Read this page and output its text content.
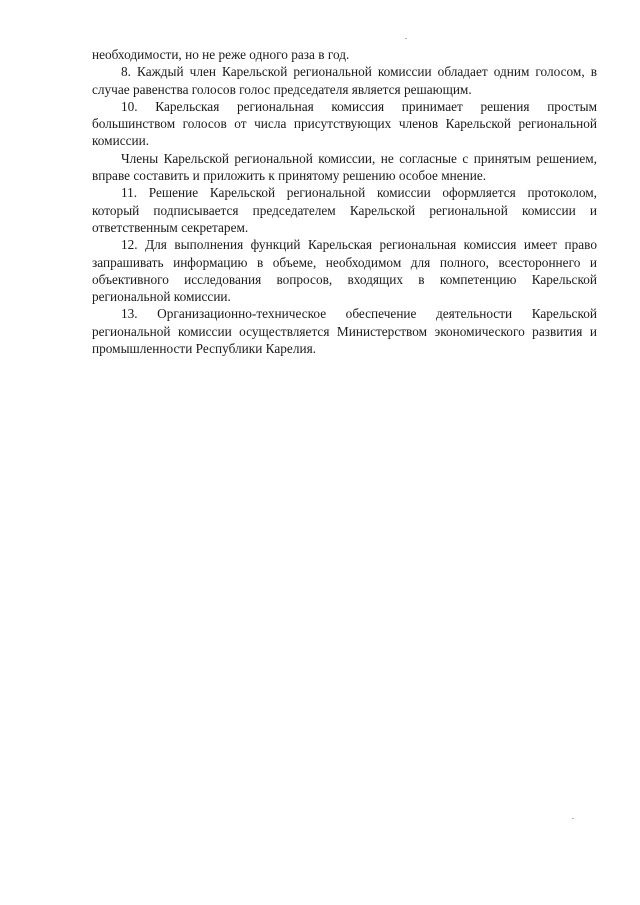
необходимости, но не реже одного раза в год.

8. Каждый член Карельской региональной комиссии обладает одним голосом, в случае равенства голосов голос председателя является решающим.

10. Карельская региональная комиссия принимает решения простым большинством голосов от числа присутствующих членов Карельской региональной комиссии.

Члены Карельской региональной комиссии, не согласные с принятым решением, вправе составить и приложить к принятому решению особое мнение.

11. Решение Карельской региональной комиссии оформляется протоколом, который подписывается председателем Карельской региональной комиссии и ответственным секретарем.

12. Для выполнения функций Карельская региональная комиссия имеет право запрашивать информацию в объеме, необходимом для полного, всестороннего и объективного исследования вопросов, входящих в компетенцию Карельской региональной комиссии.

13. Организационно-техническое обеспечение деятельности Карельской региональной комиссии осуществляется Министерством экономического развития и промышленности Республики Карелия.
